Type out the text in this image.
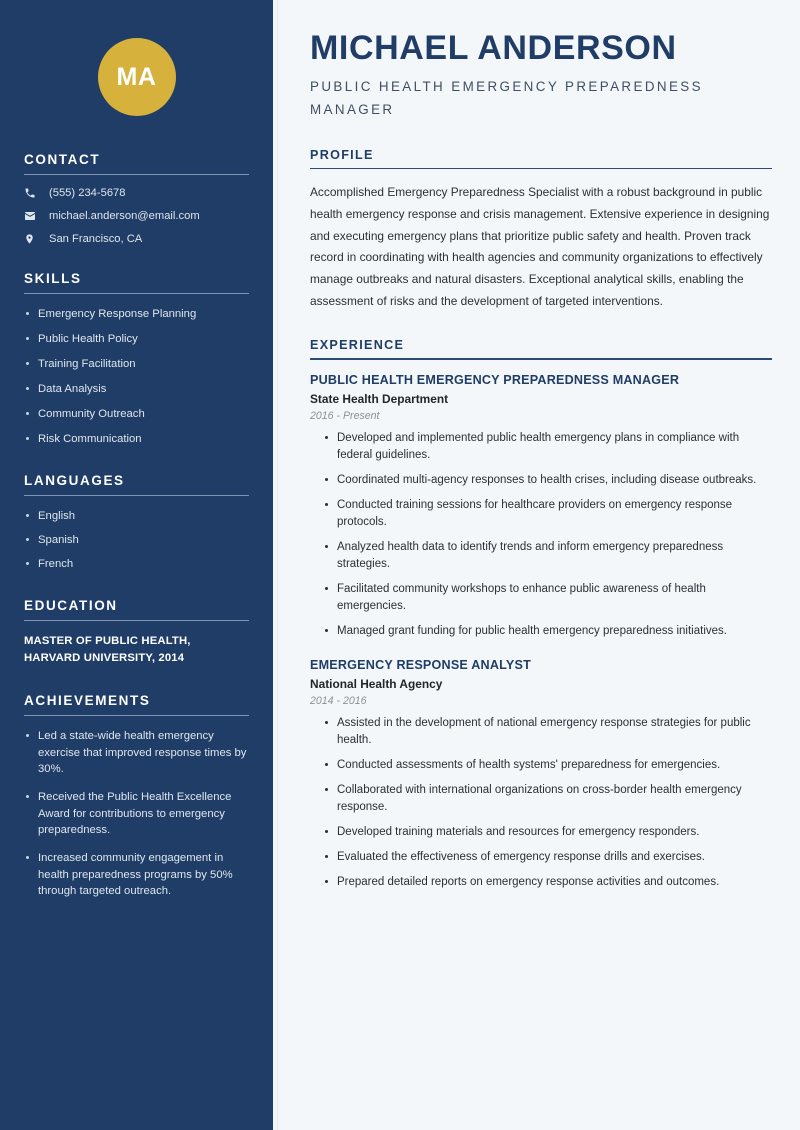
MA
CONTACT
(555) 234-5678
michael.anderson@email.com
San Francisco, CA
SKILLS
Emergency Response Planning
Public Health Policy
Training Facilitation
Data Analysis
Community Outreach
Risk Communication
LANGUAGES
English
Spanish
French
EDUCATION
MASTER OF PUBLIC HEALTH, HARVARD UNIVERSITY, 2014
ACHIEVEMENTS
Led a state-wide health emergency exercise that improved response times by 30%.
Received the Public Health Excellence Award for contributions to emergency preparedness.
Increased community engagement in health preparedness programs by 50% through targeted outreach.
MICHAEL ANDERSON
PUBLIC HEALTH EMERGENCY PREPAREDNESS MANAGER
PROFILE

Accomplished Emergency Preparedness Specialist with a robust background in public health emergency response and crisis management. Extensive experience in designing and executing emergency plans that prioritize public safety and health. Proven track record in coordinating with health agencies and community organizations to effectively manage outbreaks and natural disasters. Exceptional analytical skills, enabling the assessment of risks and the development of targeted interventions.

EXPERIENCE
PUBLIC HEALTH EMERGENCY PREPAREDNESS MANAGER
State Health Department
2016 - Present
Developed and implemented public health emergency plans in compliance with federal guidelines.
Coordinated multi-agency responses to health crises, including disease outbreaks.
Conducted training sessions for healthcare providers on emergency response protocols.
Analyzed health data to identify trends and inform emergency preparedness strategies.
Facilitated community workshops to enhance public awareness of health emergencies.
Managed grant funding for public health emergency preparedness initiatives.
EMERGENCY RESPONSE ANALYST
National Health Agency
2014 - 2016
Assisted in the development of national emergency response strategies for public health.
Conducted assessments of health systems' preparedness for emergencies.
Collaborated with international organizations on cross-border health emergency response.
Developed training materials and resources for emergency responders.
Evaluated the effectiveness of emergency response drills and exercises.
Prepared detailed reports on emergency response activities and outcomes.
